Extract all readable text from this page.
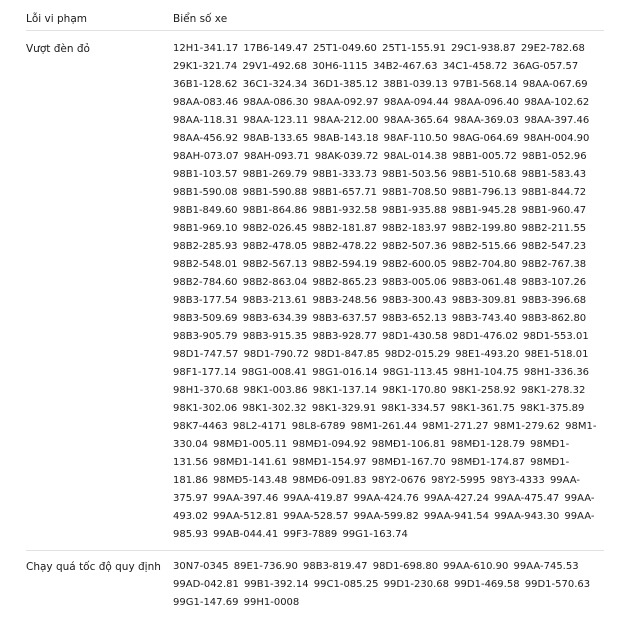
Lỗi vi phạm	Biển số xe
Vượt đèn đỏ	12H1-341.17 17B6-149.47 25T1-049.60 25T1-155.91 29C1-938.87 29E2-782.68 29K1-321.74 29V1-492.68 30H6-1115 34B2-467.63 34C1-458.72 36AG-057.57 36B1-128.62 36C1-324.34 36D1-385.12 38B1-039.13 97B1-568.14 98AA-067.69 98AA-083.46 98AA-086.30 98AA-092.97 98AA-094.44 98AA-096.40 98AA-102.62 98AA-118.31 98AA-123.11 98AA-212.00 98AA-365.64 98AA-369.03 98AA-397.46 98AA-456.92 98AB-133.65 98AB-143.18 98AF-110.50 98AG-064.69 98AH-004.90 98AH-073.07 98AH-093.71 98AK-039.72 98AL-014.38 98B1-005.72 98B1-052.96 98B1-103.57 98B1-269.79 98B1-333.73 98B1-503.56 98B1-510.68 98B1-583.43 98B1-590.08 98B1-590.88 98B1-657.71 98B1-708.50 98B1-796.13 98B1-844.72 98B1-849.60 98B1-864.86 98B1-932.58 98B1-935.88 98B1-945.28 98B1-960.47 98B1-969.10 98B2-026.45 98B2-181.87 98B2-183.97 98B2-199.80 98B2-211.55 98B2-285.93 98B2-478.05 98B2-478.22 98B2-507.36 98B2-515.66 98B2-547.23 98B2-548.01 98B2-567.13 98B2-594.19 98B2-600.05 98B2-704.80 98B2-767.38 98B2-784.60 98B2-863.04 98B2-865.23 98B3-005.06 98B3-061.48 98B3-107.26 98B3-177.54 98B3-213.61 98B3-248.56 98B3-300.43 98B3-309.81 98B3-396.68 98B3-509.69 98B3-634.39 98B3-637.57 98B3-652.13 98B3-743.40 98B3-862.80 98B3-905.79 98B3-915.35 98B3-928.77 98D1-430.58 98D1-476.02 98D1-553.01 98D1-747.57 98D1-790.72 98D1-847.85 98D2-015.29 98E1-493.20 98E1-518.01 98F1-177.14 98G1-008.41 98G1-016.14 98G1-113.45 98H1-104.75 98H1-336.36 98H1-370.68 98K1-003.86 98K1-137.14 98K1-170.80 98K1-258.92 98K1-278.32 98K1-302.06 98K1-302.32 98K1-329.91 98K1-334.57 98K1-361.75 98K1-375.89 98K7-4463 98L2-4171 98L8-6789 98M1-261.44 98M1-271.27 98M1-279.62 98M1-330.04 98MĐ1-005.11 98MĐ1-094.92 98MĐ1-106.81 98MĐ1-128.79 98MĐ1-131.56 98MĐ1-141.61 98MĐ1-154.97 98MĐ1-167.70 98MĐ1-174.87 98MĐ1-181.86 98MĐ5-143.48 98MĐ6-091.83 98Y2-0676 98Y2-5995 98Y3-4333 99AA-375.97 99AA-397.46 99AA-419.87 99AA-424.76 99AA-427.24 99AA-475.47 99AA-493.02 99AA-512.81 99AA-528.57 99AA-599.82 99AA-941.54 99AA-943.30 99AA-985.93 99AB-044.41 99F3-7889 99G1-163.74
Chạy quá tốc độ quy định	30N7-0345 89E1-736.90 98B3-819.47 98D1-698.80 99AA-610.90 99AA-745.53 99AD-042.81 99B1-392.14 99C1-085.25 99D1-230.68 99D1-469.58 99D1-570.63 99G1-147.69 99H1-0008
